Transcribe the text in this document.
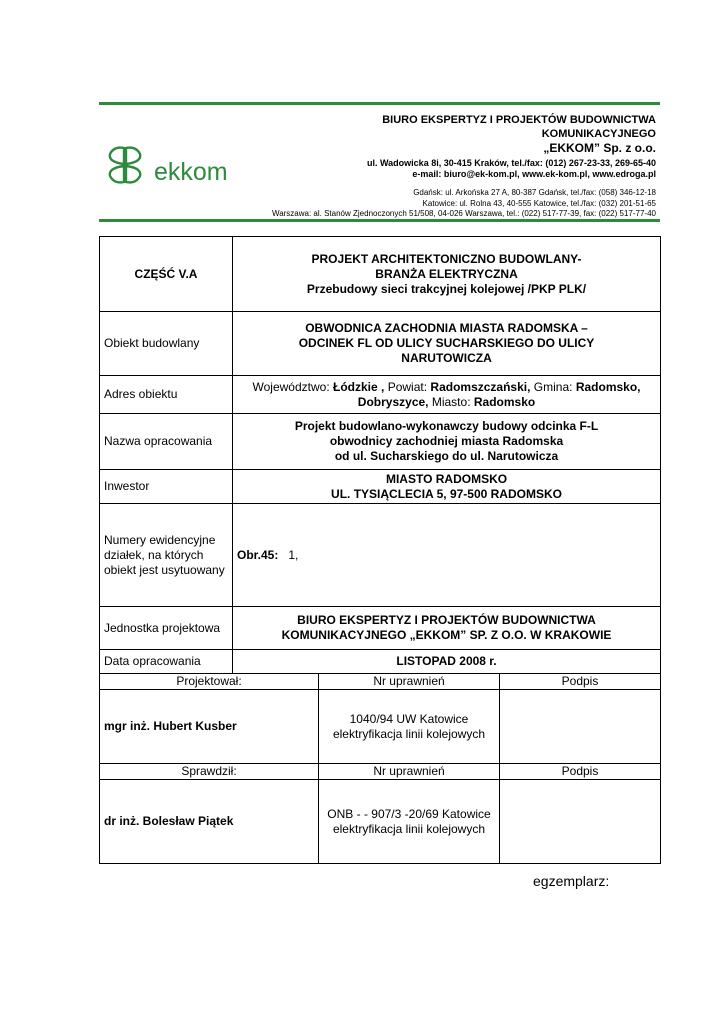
ekkom
BIURO EKSPERTYZ I PROJEKTÓW BUDOWNICTWA
KOMUNIKACYJNEGO
„EKKOM” Sp. z o.o.
ul. Wadowicka 8i, 30-415 Kraków, tel./fax: (012) 267-23-33, 269-65-40
e-mail: biuro@ek-kom.pl, www.ek-kom.pl, www.edroga.pl
Gdańsk: ul. Arkońska 27 A, 80-387 Gdańsk, tel./fax: (058) 346-12-18
Katowice: ul. Rolna 43, 40-555 Katowice, tel./fax: (032) 201-51-65
Warszawa: al. Stanów Zjednoczonych 51/508, 04-026 Warszawa, tel.: (022) 517-77-39, fax: (022) 517-77-40
CZĘŚĆ V.A	PROJEKT ARCHITEKTONICZNO BUDOWLANY-
BRANŻA ELEKTRYCZNA
Przebudowy sieci trakcyjnej kolejowej /PKP PLK/		

Obiekt budowlany	OBWODNICA ZACHODNIA MIASTA RADOMSKA –
ODCINEK FL OD ULICY SUCHARSKIEGO DO ULICY
NARUTOWICZA		

Adres obiektu	Województwo: Łódzkie , Powiat: Radomszczański, Gmina: Radomsko,
Dobryszyce, Miasto: Radomsko		
Nazwa opracowania	Projekt budowlano-wykonawczy budowy odcinka F-L
obwodnicy zachodniej miasta Radomska
od ul. Sucharskiego do ul. Narutowicza		

Inwestor	MIASTO RADOMSKO
UL. TYSIĄCLECIA 5, 97-500 RADOMSKO		

Numery ewidencyjne
działek, na których
obiekt jest usytuowany	Obr.45: 1,		
Jednostka projektowa	BIURO EKSPERTYZ I PROJEKTÓW BUDOWNICTWA
KOMUNIKACYJNEGO „EKKOM” SP. Z O.O. W KRAKOWIE		

Data opracowania	LISTOPAD 2008 r.		
Projektował:		Nr uprawnień	Podpis
mgr inż. Hubert Kusber		1040/94 UW Katowice
elektryfikacja linii kolejowych	

Sprawdził:		Nr uprawnień	Podpis
dr inż. Bolesław Piątek		ONB - - 907/3 -20/69 Katowice
elektryfikacja linii kolejowych	

egzemplarz:
